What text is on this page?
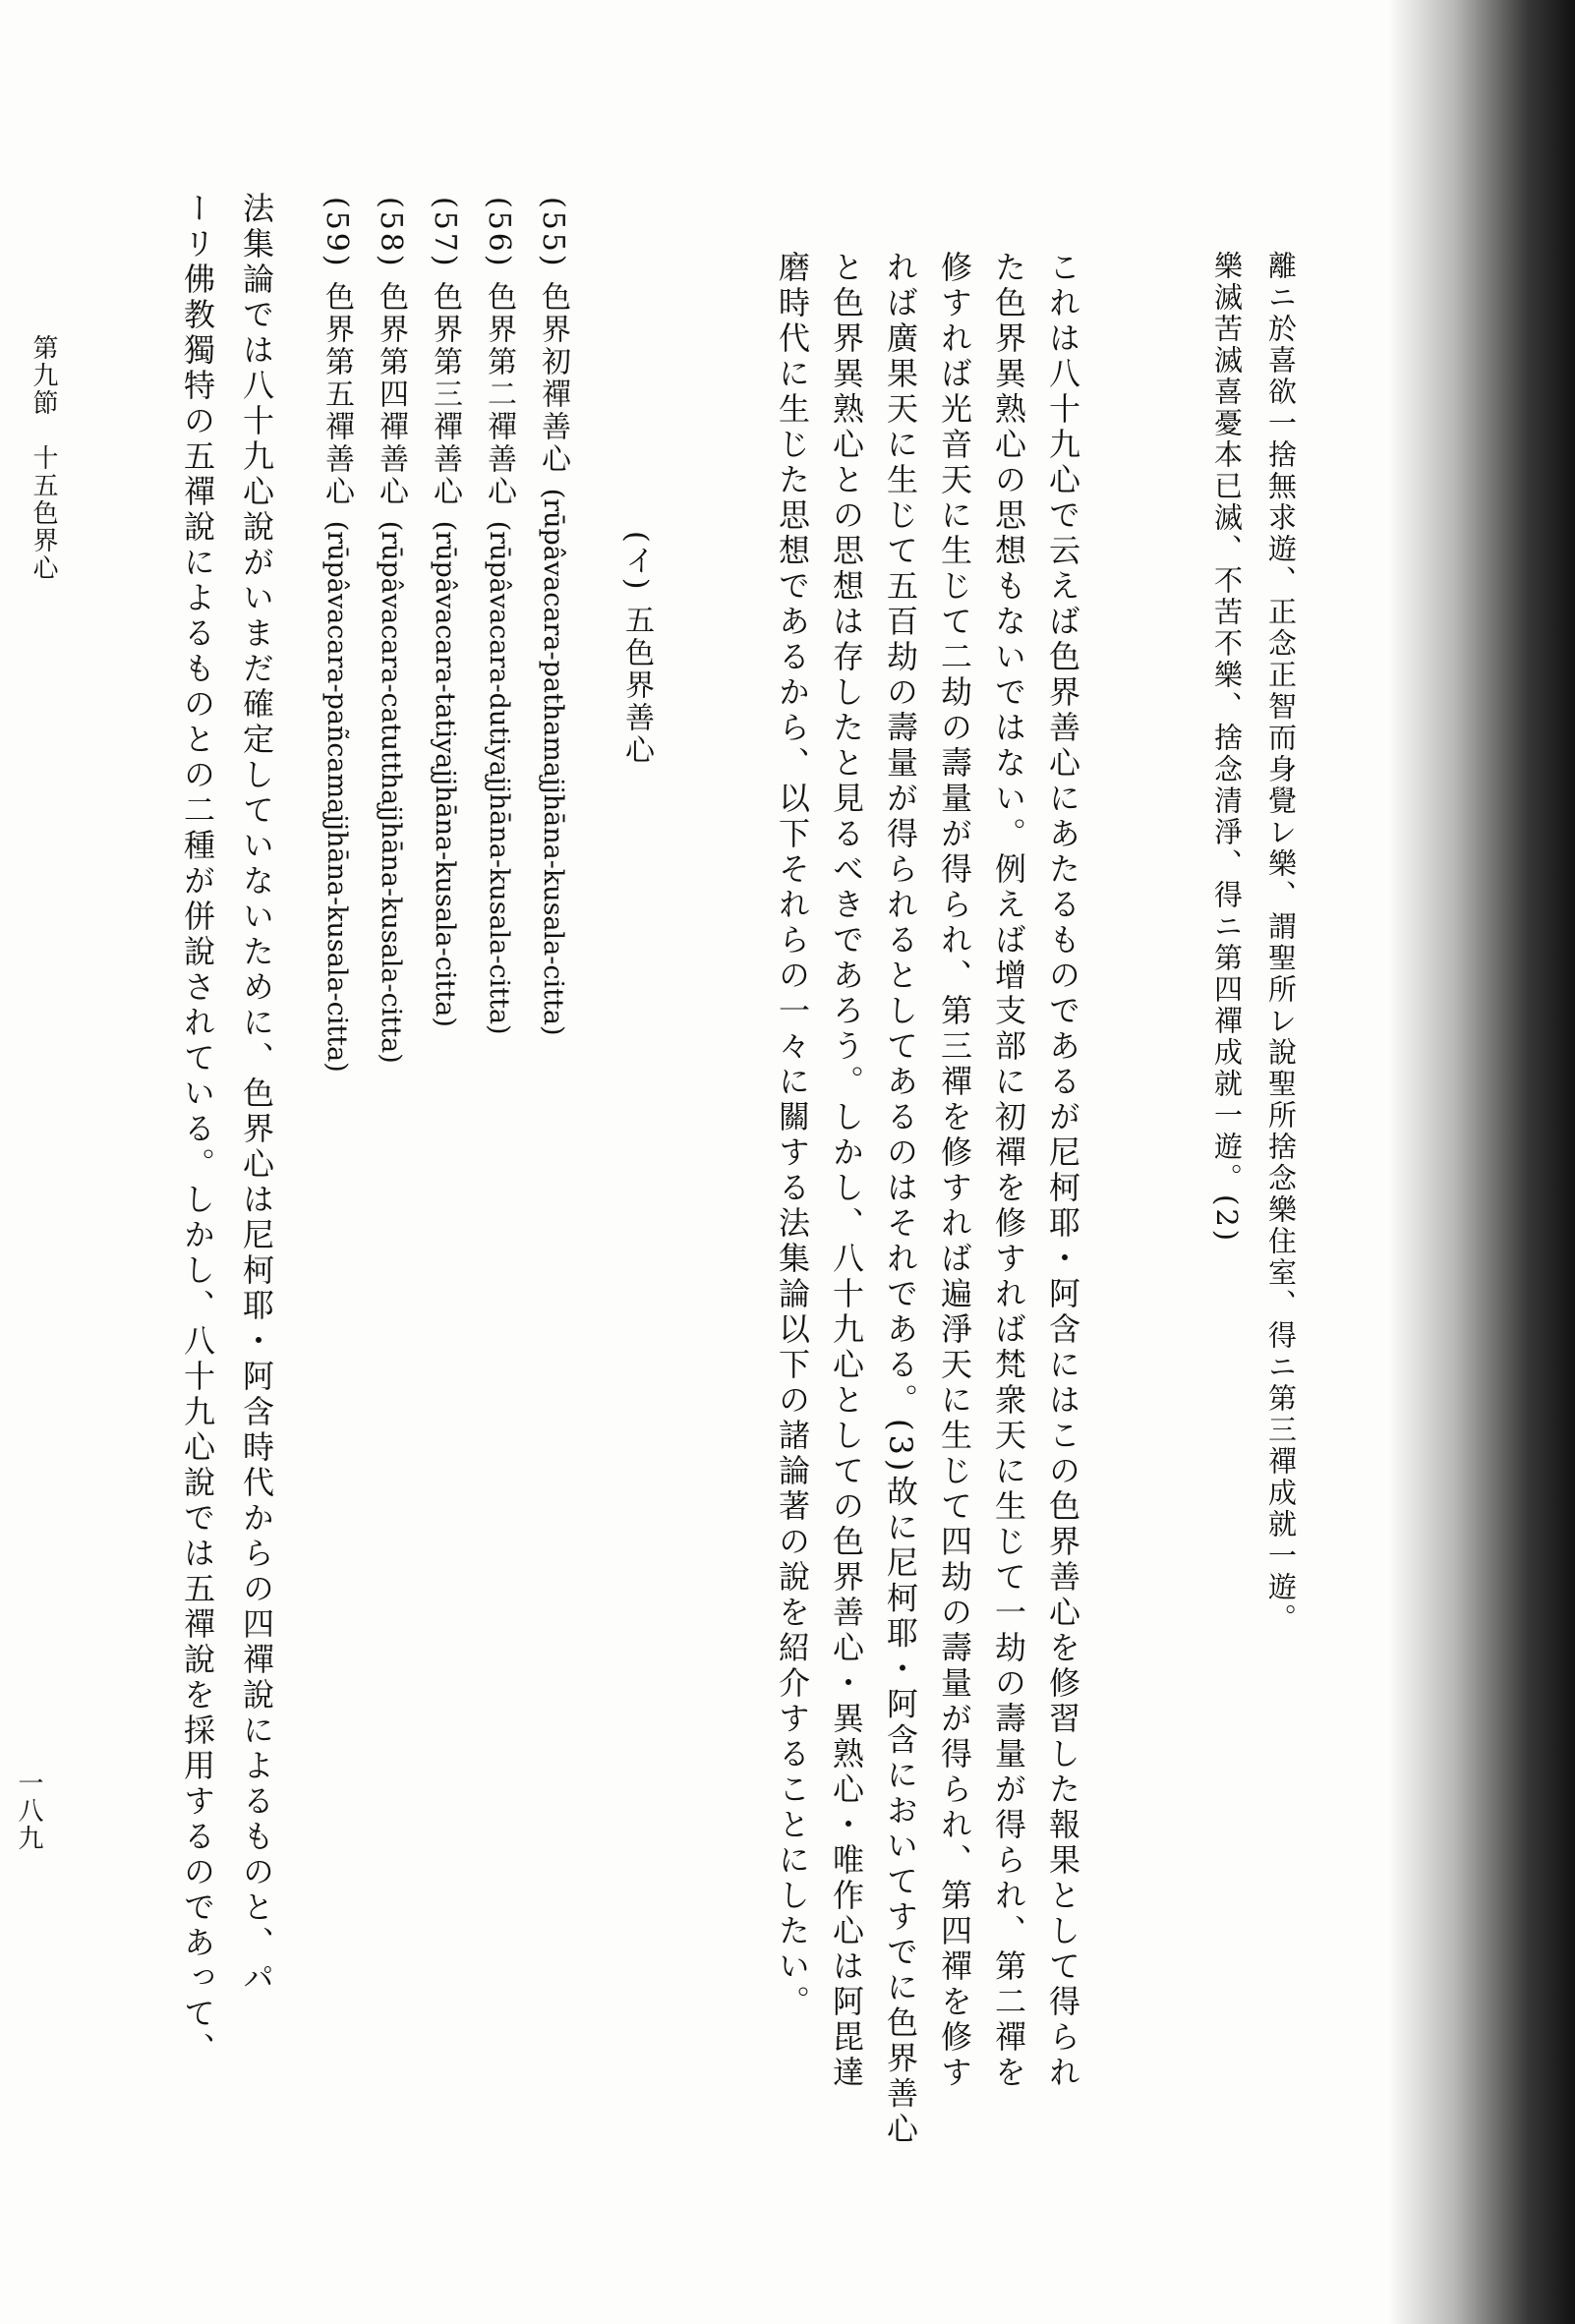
離ニ於喜欲一捨無求遊、正念正智而身覺レ樂、謂聖所レ說聖所捨念樂住室、得ニ第三禪成就一遊。
樂滅苦滅喜憂本已滅、不苦不樂、捨念清淨、得ニ第四禪成就一遊。(2)
これは八十九心で云えば色界善心にあたるものであるが尼柯耶・阿含にはこの色界善心を修習した報果として得られ
た色界異熟心の思想もないではない。例えば增支部に初禪を修すれば梵衆天に生じて一劫の壽量が得られ、第二禪を
修すれば光音天に生じて二劫の壽量が得られ、第三禪を修すれば遍淨天に生じて四劫の壽量が得られ、第四禪を修す
れば廣果天に生じて五百劫の壽量が得られるとしてあるのはそれである。(3)故に尼柯耶・阿含においてすでに色界善心
と色界異熟心との思想は存したと見るべきであろう。しかし、八十九心としての色界善心・異熟心・唯作心は阿毘達
磨時代に生じた思想であるから、以下それらの一々に關する法集論以下の諸論著の說を紹介することにしたい。
(イ) 五色界善心
(55) 色界初禪善心 (rūpâvacara-pathamajjhāna-kusala-citta)
(56) 色界第二禪善心 (rūpâvacara-dutiyajjhāna-kusala-citta)
(57) 色界第三禪善心 (rūpâvacara-tatiyajjhāna-kusala-citta)
(58) 色界第四禪善心 (rūpâvacara-catutthajjhāna-kusala-citta)
(59) 色界第五禪善心 (rūpâvacara-pañcamajjhāna-kusala-citta)
法集論では八十九心說がいまだ確定していないために、色界心は尼柯耶・阿含時代からの四禪說によるものと、パ
ーリ佛教獨特の五禪說によるものとの二種が併說されている。しかし、八十九心說では五禪說を採用するのであって、
第九節　十五色界心
一八九
